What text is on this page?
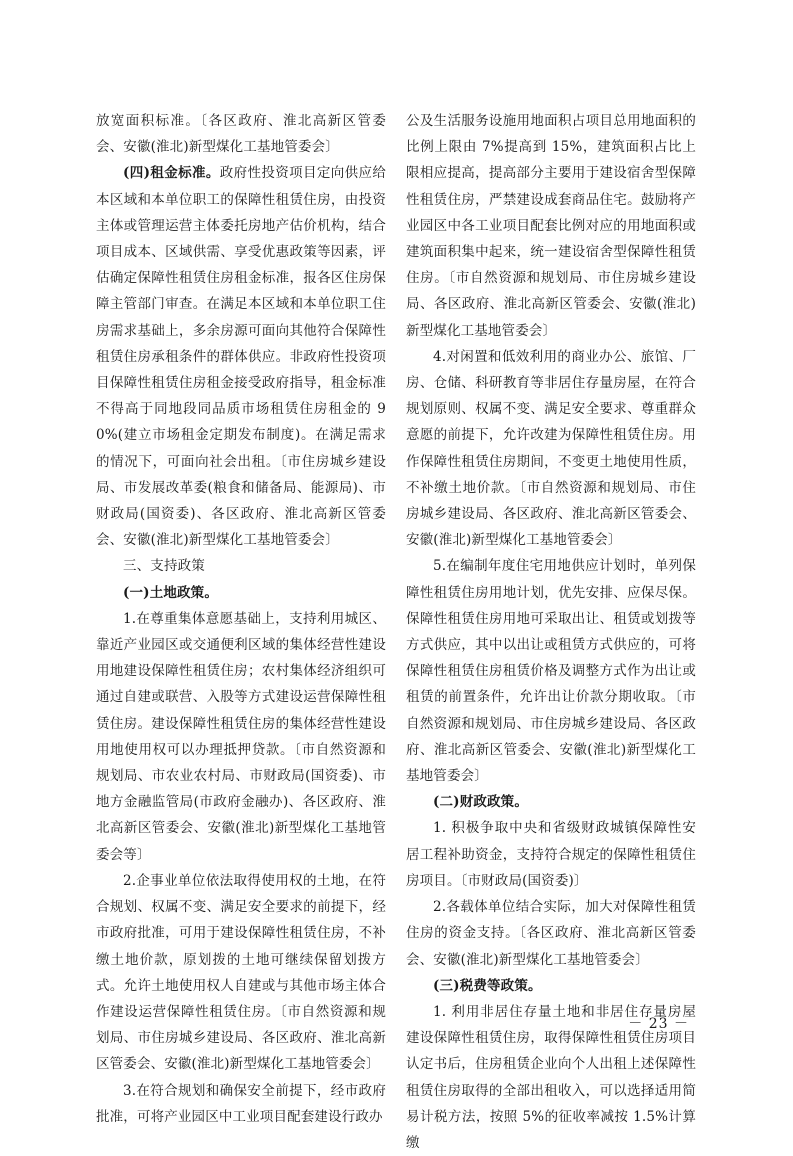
放宽面积标准。〔各区政府、淮北高新区管委会、安徽(淮北)新型煤化工基地管委会〕

(四)租金标准。政府性投资项目定向供应给本区域和本单位职工的保障性租赁住房，由投资主体或管理运营主体委托房地产估价机构，结合项目成本、区域供需、享受优惠政策等因素，评估确定保障性租赁住房租金标准，报各区住房保障主管部门审查。在满足本区域和本单位职工住房需求基础上，多余房源可面向其他符合保障性租赁住房承租条件的群体供应。非政府性投资项目保障性租赁住房租金接受政府指导，租金标准不得高于同地段同品质市场租赁住房租金的 90%(建立市场租金定期发布制度)。在满足需求的情况下，可面向社会出租。〔市住房城乡建设局、市发展改革委(粮食和储备局、能源局)、市财政局(国资委)、各区政府、淮北高新区管委会、安徽(淮北)新型煤化工基地管委会〕

三、支持政策

(一)土地政策。

1.在尊重集体意愿基础上，支持利用城区、靠近产业园区或交通便利区域的集体经营性建设用地建设保障性租赁住房；农村集体经济组织可通过自建或联营、入股等方式建设运营保障性租赁住房。建设保障性租赁住房的集体经营性建设用地使用权可以办理抵押贷款。〔市自然资源和规划局、市农业农村局、市财政局(国资委)、市地方金融监管局(市政府金融办)、各区政府、淮北高新区管委会、安徽(淮北)新型煤化工基地管委会等〕

2.企事业单位依法取得使用权的土地，在符合规划、权属不变、满足安全要求的前提下，经市政府批准，可用于建设保障性租赁住房，不补缴土地价款，原划拨的土地可继续保留划拨方式。允许土地使用权人自建或与其他市场主体合作建设运营保障性租赁住房。〔市自然资源和规划局、市住房城乡建设局、各区政府、淮北高新区管委会、安徽(淮北)新型煤化工基地管委会〕

3.在符合规划和确保安全前提下，经市政府批准，可将产业园区中工业项目配套建设行政办

公及生活服务设施用地面积占项目总用地面积的比例上限由 7%提高到 15%，建筑面积占比上限相应提高，提高部分主要用于建设宿舍型保障性租赁住房，严禁建设成套商品住宅。鼓励将产业园区中各工业项目配套比例对应的用地面积或建筑面积集中起来，统一建设宿舍型保障性租赁住房。〔市自然资源和规划局、市住房城乡建设局、各区政府、淮北高新区管委会、安徽(淮北)新型煤化工基地管委会〕

4.对闲置和低效利用的商业办公、旅馆、厂房、仓储、科研教育等非居住存量房屋，在符合规划原则、权属不变、满足安全要求、尊重群众意愿的前提下，允许改建为保障性租赁住房。用作保障性租赁住房期间，不变更土地使用性质，不补缴土地价款。〔市自然资源和规划局、市住房城乡建设局、各区政府、淮北高新区管委会、安徽(淮北)新型煤化工基地管委会〕

5.在编制年度住宅用地供应计划时，单列保障性租赁住房用地计划，优先安排、应保尽保。保障性租赁住房用地可采取出让、租赁或划拨等方式供应，其中以出让或租赁方式供应的，可将保障性租赁住房租赁价格及调整方式作为出让或租赁的前置条件，允许出让价款分期收取。〔市自然资源和规划局、市住房城乡建设局、各区政府、淮北高新区管委会、安徽(淮北)新型煤化工基地管委会〕

(二)财政政策。

1. 积极争取中央和省级财政城镇保障性安居工程补助资金，支持符合规定的保障性租赁住房项目。〔市财政局(国资委)〕

2.各载体单位结合实际，加大对保障性租赁住房的资金支持。〔各区政府、淮北高新区管委会、安徽(淮北)新型煤化工基地管委会〕

(三)税费等政策。

1. 利用非居住存量土地和非居住存量房屋建设保障性租赁住房，取得保障性租赁住房项目认定书后，住房租赁企业向个人出租上述保障性租赁住房取得的全部出租收入，可以选择适用简易计税方法，按照 5%的征收率减按 1.5%计算缴

－ 23 －
